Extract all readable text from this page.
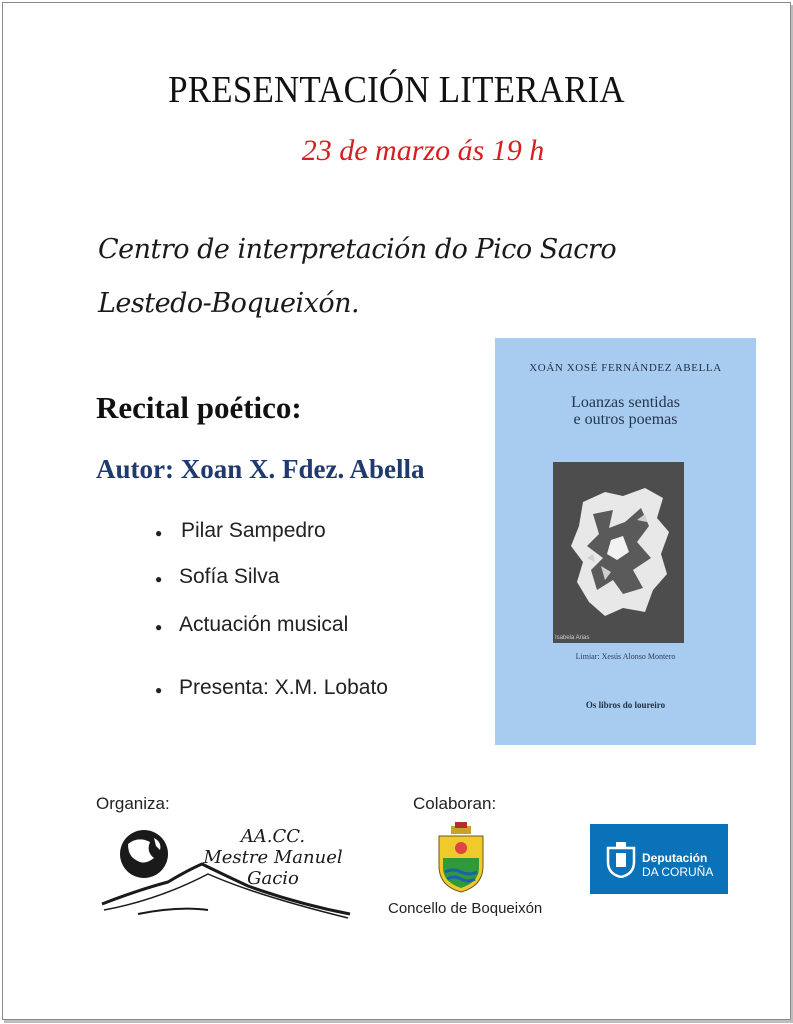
PRESENTACIÓN LITERARIA
23 de marzo ás 19 h
Centro de interpretación do Pico Sacro
Lestedo-Boqueixón.
Recital poético:
Autor: Xoan X. Fdez. Abella
Pilar Sampedro
Sofía Silva
Actuación musical
Presenta: X.M. Lobato
XOÁN XOSÉ FERNÁNDEZ ABELLA
Loanzas sentidas
e outros poemas
Isabela Arias
Limiar: Xesús Alonso Montero
Os libros do loureiro
Organiza:	Colaboran:
AA.CC.
Mestre Manuel Gacio
Concello de Boqueixón
Deputación
DA CORUÑA
